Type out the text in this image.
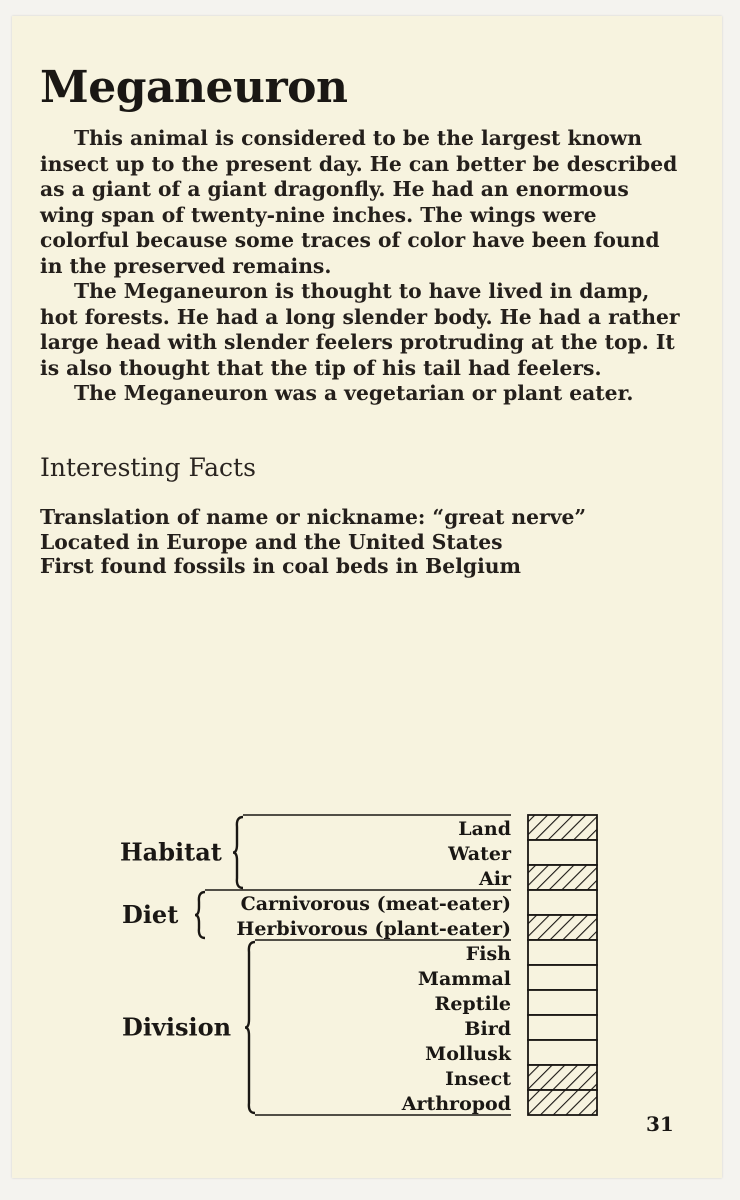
Meganeuron

This animal is considered to be the largest known insect up to the present day. He can better be described as a giant of a giant dragonfly. He had an enormous wing span of twenty-nine inches. The wings were colorful because some traces of color have been found in the preserved remains.

The Meganeuron is thought to have lived in damp, hot forests. He had a long slender body. He had a rather large head with slender feelers protruding at the top. It is also thought that the tip of his tail had feelers.

The Meganeuron was a vegetarian or plant eater.

Interesting Facts
Translation of name or nickname: “great nerve”
Located in Europe and the United States
First found fossils in coal beds in Belgium
Land
Water
Air
Carnivorous (meat-eater)
Herbivorous (plant-eater)
Fish
Mammal
Reptile
Bird
Mollusk
Insect
Arthropod
Habitat
Diet
Division
31
